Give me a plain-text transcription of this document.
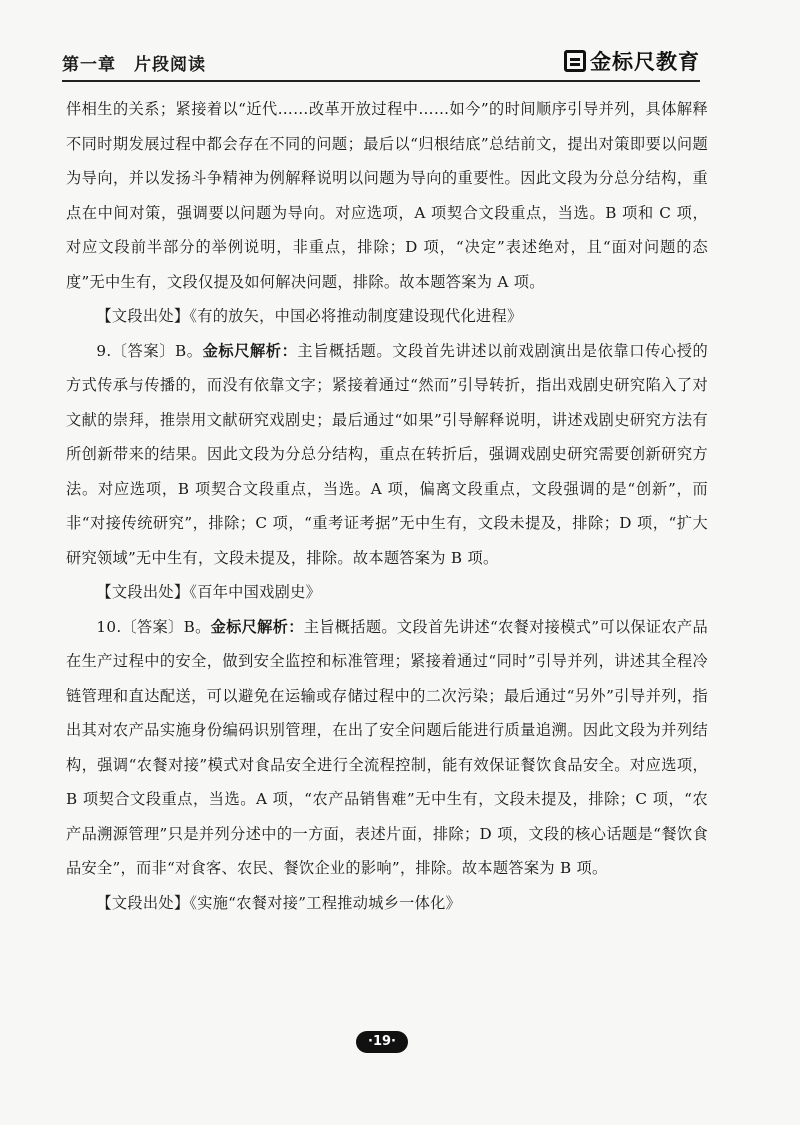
第一章　片段阅读	金标尺教育

伴相生的关系；紧接着以“近代……改革开放过程中……如今”的时间顺序引导并列，具体解释不同时期发展过程中都会存在不同的问题；最后以“归根结底”总结前文，提出对策即要以问题为导向，并以发扬斗争精神为例解释说明以问题为导向的重要性。因此文段为分总分结构，重点在中间对策，强调要以问题为导向。对应选项，A 项契合文段重点，当选。B 项和 C 项，对应文段前半部分的举例说明，非重点，排除；D 项，“决定”表述绝对，且“面对问题的态度”无中生有，文段仅提及如何解决问题，排除。故本题答案为 A 项。

【文段出处】《有的放矢，中国必将推动制度建设现代化进程》

9.〔答案〕B。金标尺解析：主旨概括题。文段首先讲述以前戏剧演出是依靠口传心授的方式传承与传播的，而没有依靠文字；紧接着通过“然而”引导转折，指出戏剧史研究陷入了对文献的崇拜，推崇用文献研究戏剧史；最后通过“如果”引导解释说明，讲述戏剧史研究方法有所创新带来的结果。因此文段为分总分结构，重点在转折后，强调戏剧史研究需要创新研究方法。对应选项，B 项契合文段重点，当选。A 项，偏离文段重点，文段强调的是“创新”，而非“对接传统研究”，排除；C 项，“重考证考据”无中生有，文段未提及，排除；D 项，“扩大研究领域”无中生有，文段未提及，排除。故本题答案为 B 项。

【文段出处】《百年中国戏剧史》

10.〔答案〕B。金标尺解析：主旨概括题。文段首先讲述“农餐对接模式”可以保证农产品在生产过程中的安全，做到安全监控和标准管理；紧接着通过“同时”引导并列，讲述其全程冷链管理和直达配送，可以避免在运输或存储过程中的二次污染；最后通过“另外”引导并列，指出其对农产品实施身份编码识别管理，在出了安全问题后能进行质量追溯。因此文段为并列结构，强调“农餐对接”模式对食品安全进行全流程控制，能有效保证餐饮食品安全。对应选项，B 项契合文段重点，当选。A 项，“农产品销售难”无中生有，文段未提及，排除；C 项，“农产品溯源管理”只是并列分述中的一方面，表述片面，排除；D 项，文段的核心话题是“餐饮食品安全”，而非“对食客、农民、餐饮企业的影响”，排除。故本题答案为 B 项。

【文段出处】《实施“农餐对接”工程推动城乡一体化》

·19·
